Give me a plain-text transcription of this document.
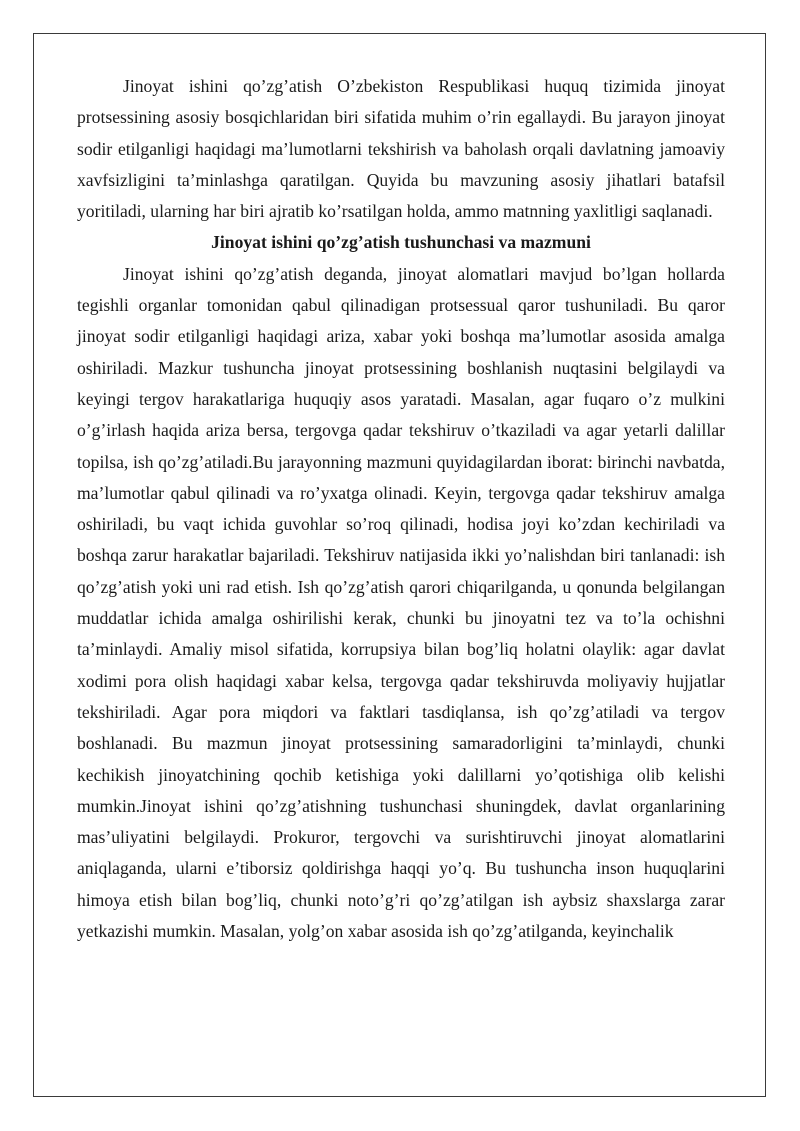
Jinoyat ishini qo’zg’atish O’zbekiston Respublikasi huquq tizimida jinoyat protsessining asosiy bosqichlaridan biri sifatida muhim o’rin egallaydi. Bu jarayon jinoyat sodir etilganligi haqidagi ma’lumotlarni tekshirish va baholash orqali davlatning jamoaviy xavfsizligini ta’minlashga qaratilgan. Quyida bu mavzuning asosiy jihatlari batafsil yoritiladi, ularning har biri ajratib ko’rsatilgan holda, ammo matnning yaxlitligi saqlanadi.

Jinoyat ishini qo’zg’atish tushunchasi va mazmuni

Jinoyat ishini qo’zg’atish deganda, jinoyat alomatlari mavjud bo’lgan hollarda tegishli organlar tomonidan qabul qilinadigan protsessual qaror tushuniladi. Bu qaror jinoyat sodir etilganligi haqidagi ariza, xabar yoki boshqa ma’lumotlar asosida amalga oshiriladi. Mazkur tushuncha jinoyat protsessining boshlanish nuqtasini belgilaydi va keyingi tergov harakatlariga huquqiy asos yaratadi. Masalan, agar fuqaro o’z mulkini o’g’irlash haqida ariza bersa, tergovga qadar tekshiruv o’tkaziladi va agar yetarli dalillar topilsa, ish qo’zg’atiladi.Bu jarayonning mazmuni quyidagilardan iborat: birinchi navbatda, ma’lumotlar qabul qilinadi va ro’yxatga olinadi. Keyin, tergovga qadar tekshiruv amalga oshiriladi, bu vaqt ichida guvohlar so’roq qilinadi, hodisa joyi ko’zdan kechiriladi va boshqa zarur harakatlar bajariladi. Tekshiruv natijasida ikki yo’nalishdan biri tanlanadi: ish qo’zg’atish yoki uni rad etish. Ish qo’zg’atish qarori chiqarilganda, u qonunda belgilangan muddatlar ichida amalga oshirilishi kerak, chunki bu jinoyatni tez va to’la ochishni ta’minlaydi. Amaliy misol sifatida, korrupsiya bilan bog’liq holatni olaylik: agar davlat xodimi pora olish haqidagi xabar kelsa, tergovga qadar tekshiruvda moliyaviy hujjatlar tekshiriladi. Agar pora miqdori va faktlari tasdiqlansa, ish qo’zg’atiladi va tergov boshlanadi. Bu mazmun jinoyat protsessining samaradorligini ta’minlaydi, chunki kechikish jinoyatchining qochib ketishiga yoki dalillarni yo’qotishiga olib kelishi mumkin.Jinoyat ishini qo’zg’atishning tushunchasi shuningdek, davlat organlarining mas’uliyatini belgilaydi. Prokuror, tergovchi va surishtiruvchi jinoyat alomatlarini aniqlaganda, ularni e’tiborsiz qoldirishga haqqi yo’q. Bu tushuncha inson huquqlarini himoya etish bilan bog’liq, chunki noto’g’ri qo’zg’atilgan ish aybsiz shaxslarga zarar yetkazishi mumkin. Masalan, yolg’on xabar asosida ish qo’zg’atilganda, keyinchalik
